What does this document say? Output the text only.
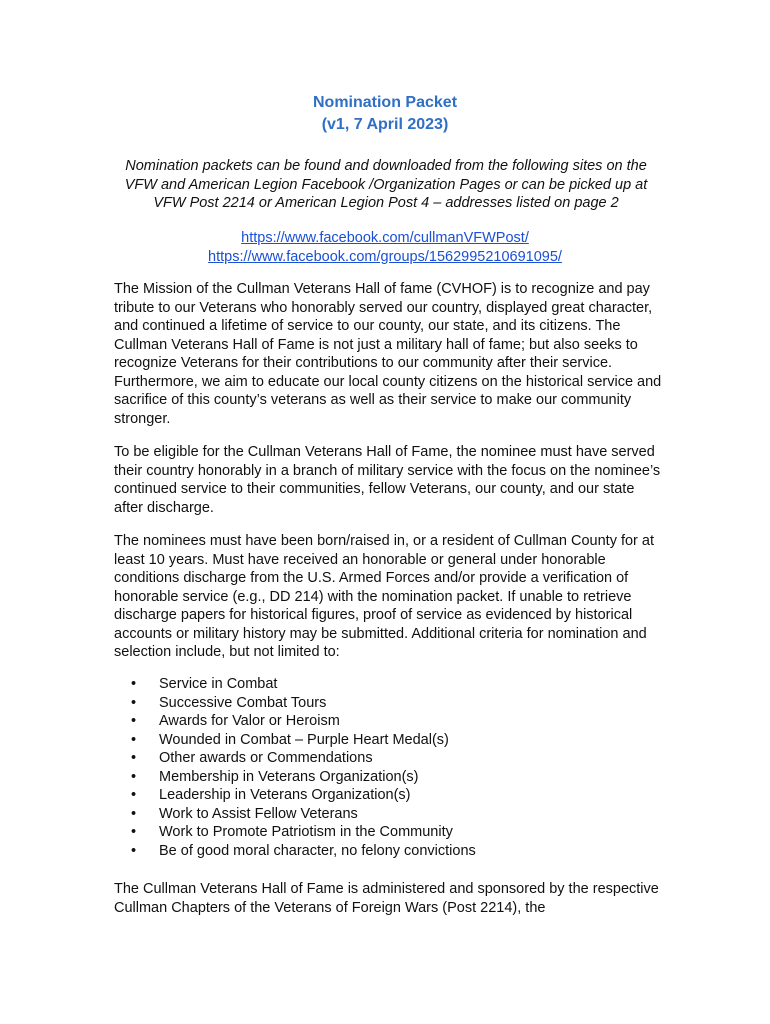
Nomination Packet
(v1, 7 April 2023)
Nomination packets can be found and downloaded from the following sites on the VFW and American Legion Facebook /Organization Pages or can be picked up at VFW Post 2214 or American Legion Post 4 – addresses listed on page 2
https://www.facebook.com/cullmanVFWPost/
https://www.facebook.com/groups/1562995210691095/

The Mission of the Cullman Veterans Hall of fame (CVHOF) is to recognize and pay tribute to our Veterans who honorably served our country, displayed great character, and continued a lifetime of service to our county, our state, and its citizens. The Cullman Veterans Hall of Fame is not just a military hall of fame; but also seeks to recognize Veterans for their contributions to our community after their service. Furthermore, we aim to educate our local county citizens on the historical service and sacrifice of this county’s veterans as well as their service to make our community stronger.

To be eligible for the Cullman Veterans Hall of Fame, the nominee must have served their country honorably in a branch of military service with the focus on the nominee’s continued service to their communities, fellow Veterans, our county, and our state after discharge.

The nominees must have been born/raised in, or a resident of Cullman County for at least 10 years. Must have received an honorable or general under honorable conditions discharge from the U.S. Armed Forces and/or provide a verification of honorable service (e.g., DD 214) with the nomination packet. If unable to retrieve discharge papers for historical figures, proof of service as evidenced by historical accounts or military history may be submitted. Additional criteria for nomination and selection include, but not limited to:

• Service in Combat
• Successive Combat Tours
• Awards for Valor or Heroism
• Wounded in Combat – Purple Heart Medal(s)
• Other awards or Commendations
• Membership in Veterans Organization(s)
• Leadership in Veterans Organization(s)
• Work to Assist Fellow Veterans
• Work to Promote Patriotism in the Community
• Be of good moral character, no felony convictions

The Cullman Veterans Hall of Fame is administered and sponsored by the respective Cullman Chapters of the Veterans of Foreign Wars (Post 2214), the
